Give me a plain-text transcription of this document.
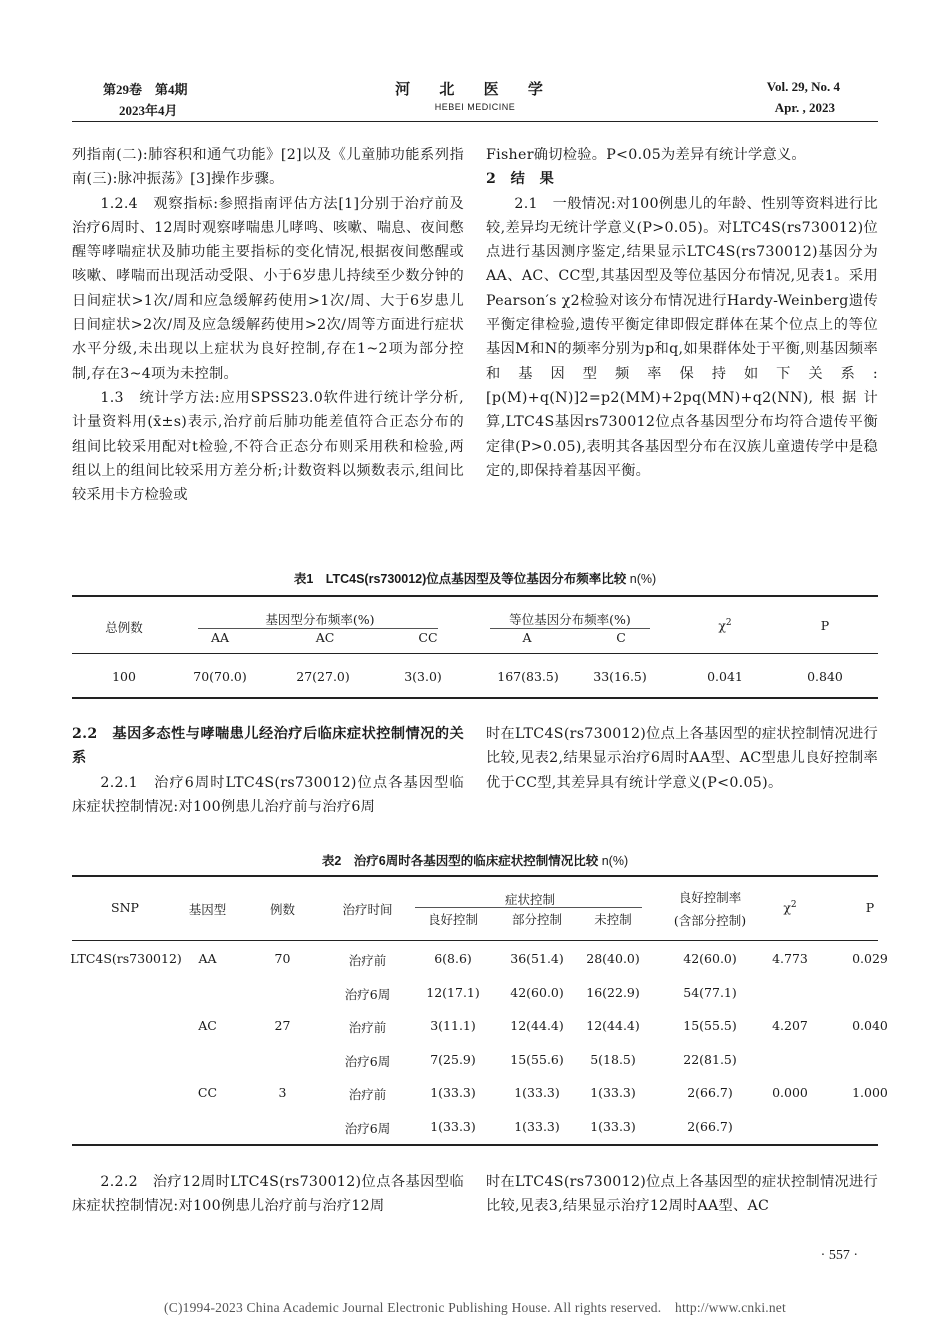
第29卷　第4期
2023年4月
河 北 医 学
HEBEI MEDICINE
Vol. 29, No. 4
Apr. , 2023

列指南(二):肺容积和通气功能》[2]以及《儿童肺功能系列指南(三):脉冲振荡》[3]操作步骤。

1.2.4　观察指标:参照指南评估方法[1]分别于治疗前及治疗6周时、12周时观察哮喘患儿哮鸣、咳嗽、喘息、夜间憋醒等哮喘症状及肺功能主要指标的变化情况,根据夜间憋醒或咳嗽、哮喘而出现活动受限、小于6岁患儿持续至少数分钟的日间症状>1次/周和应急缓解药使用>1次/周、大于6岁患儿日间症状>2次/周及应急缓解药使用>2次/周等方面进行症状水平分级,未出现以上症状为良好控制,存在1~2项为部分控制,存在3~4项为未控制。

1.3　统计学方法:应用SPSS23.0软件进行统计学分析,计量资料用(x̄±s)表示,治疗前后肺功能差值符合正态分布的组间比较采用配对t检验,不符合正态分布则采用秩和检验,两组以上的组间比较采用方差分析;计数资料以频数表示,组间比较采用卡方检验或

Fisher确切检验。P<0.05为差异有统计学意义。

2　结　果

2.1　一般情况:对100例患儿的年龄、性别等资料进行比较,差异均无统计学意义(P>0.05)。对LTC4S(rs730012)位点进行基因测序鉴定,结果显示LTC4S(rs730012)基因分为AA、AC、CC型,其基因型及等位基因分布情况,见表1。采用Pearson′s χ2检验对该分布情况进行Hardy-Weinberg遗传平衡定律检验,遗传平衡定律即假定群体在某个位点上的等位基因M和N的频率分别为p和q,如果群体处于平衡,则基因频率和基因型频率保持如下关系:[p(M)+q(N)]2=p2(MM)+2pq(MN)+q2(NN),根据计算,LTC4S基因rs730012位点各基因型分布均符合遗传平衡定律(P>0.05),表明其各基因型分布在汉族儿童遗传学中是稳定的,即保持着基因平衡。

表1　LTC4S(rs730012)位点基因型及等位基因分布频率比较 n(%)
总例数
基因型分布频率(%)	等位基因分布频率(%)	$\chi^2$	P
AA	AC	CC	A	C
100	70(70.0)	27(27.0)	3(3.0)	167(83.5)	33(16.5)	0.041	0.840

2.2　基因多态性与哮喘患儿经治疗后临床症状控制情况的关系

2.2.1　治疗6周时LTC4S(rs730012)位点各基因型临床症状控制情况:对100例患儿治疗前与治疗6周

时在LTC4S(rs730012)位点上各基因型的症状控制情况进行比较,见表2,结果显示治疗6周时AA型、AC型患儿良好控制率优于CC型,其差异具有统计学意义(P<0.05)。

表2　治疗6周时各基因型的临床症状控制情况比较 n(%)
SNP	基因型	例数	治疗时间
症状控制
良好控制	部分控制	未控制
良好控制率
(含部分控制)
$\chi^2$	P
LTC4S(rs730012)	AA	70	治疗前	6(8.6)	36(51.4)	28(40.0)	42(60.0)	4.773	0.029
治疗6周	12(17.1)	42(60.0)	16(22.9)	54(77.1)
AC	27	治疗前	3(11.1)	12(44.4)	12(44.4)	15(55.5)	4.207	0.040
治疗6周	7(25.9)	15(55.6)	5(18.5)	22(81.5)
CC	3	治疗前	1(33.3)	1(33.3)	1(33.3)	2(66.7)	0.000	1.000
治疗6周	1(33.3)	1(33.3)	1(33.3)	2(66.7)

2.2.2　治疗12周时LTC4S(rs730012)位点各基因型临床症状控制情况:对100例患儿治疗前与治疗12周

时在LTC4S(rs730012)位点上各基因型的症状控制情况进行比较,见表3,结果显示治疗12周时AA型、AC

· 557 ·
(C)1994-2023 China Academic Journal Electronic Publishing House. All rights reserved.　http://www.cnki.net
